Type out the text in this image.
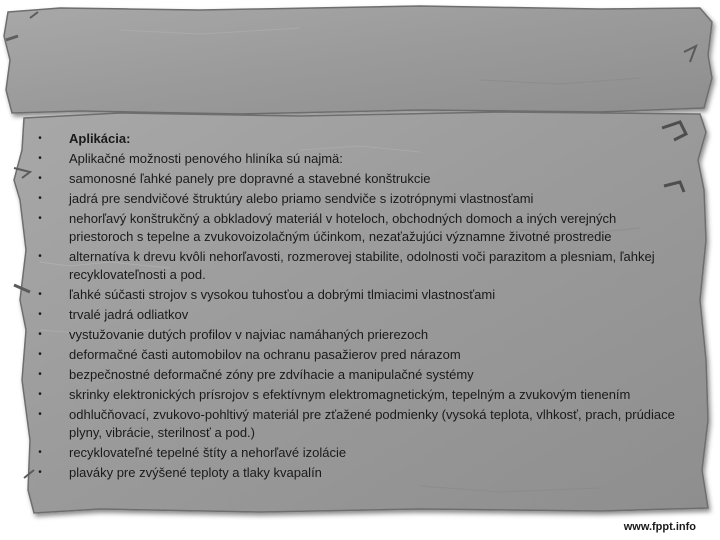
•	Aplikácia:
•	Aplikačné možnosti penového hliníka sú najmä:
•	samonosné ľahké panely pre dopravné a stavebné konštrukcie
•	jadrá pre sendvičové štruktúry alebo priamo sendviče s izotrópnymi vlastnosťami
•	nehorľavý konštrukčný a obkladový materiál v hoteloch, obchodných domoch a iných verejných priestoroch s tepelne a zvukovoizolačným účinkom, nezaťažujúci významne životné prostredie
•	alternatíva k drevu kvôli nehorľavosti, rozmerovej stabilite, odolnosti voči parazitom a plesniam, ľahkej recyklovateľnosti a pod.
•	ľahké súčasti strojov s vysokou tuhosťou a dobrými tlmiacimi vlastnosťami
•	trvalé jadrá odliatkov
•	vystužovanie dutých profilov v najviac namáhaných prierezoch
•	deformačné časti automobilov na ochranu pasažierov pred nárazom
•	bezpečnostné deformačné zóny pre zdvíhacie a manipulačné systémy
•	skrinky elektronických prísrojov s efektívnym elektromagnetickým, tepelným a zvukovým tienením
•	odhlučňovací, zvukovo-pohltivý materiál pre zťažené podmienky (vysoká teplota, vlhkosť, prach, prúdiace plyny, vibrácie, sterilnosť a pod.)
•	recyklovateľné tepelné štíty a nehorľavé izolácie
•	plaváky pre zvýšené teploty a tlaky kvapalín
www.fppt.info
